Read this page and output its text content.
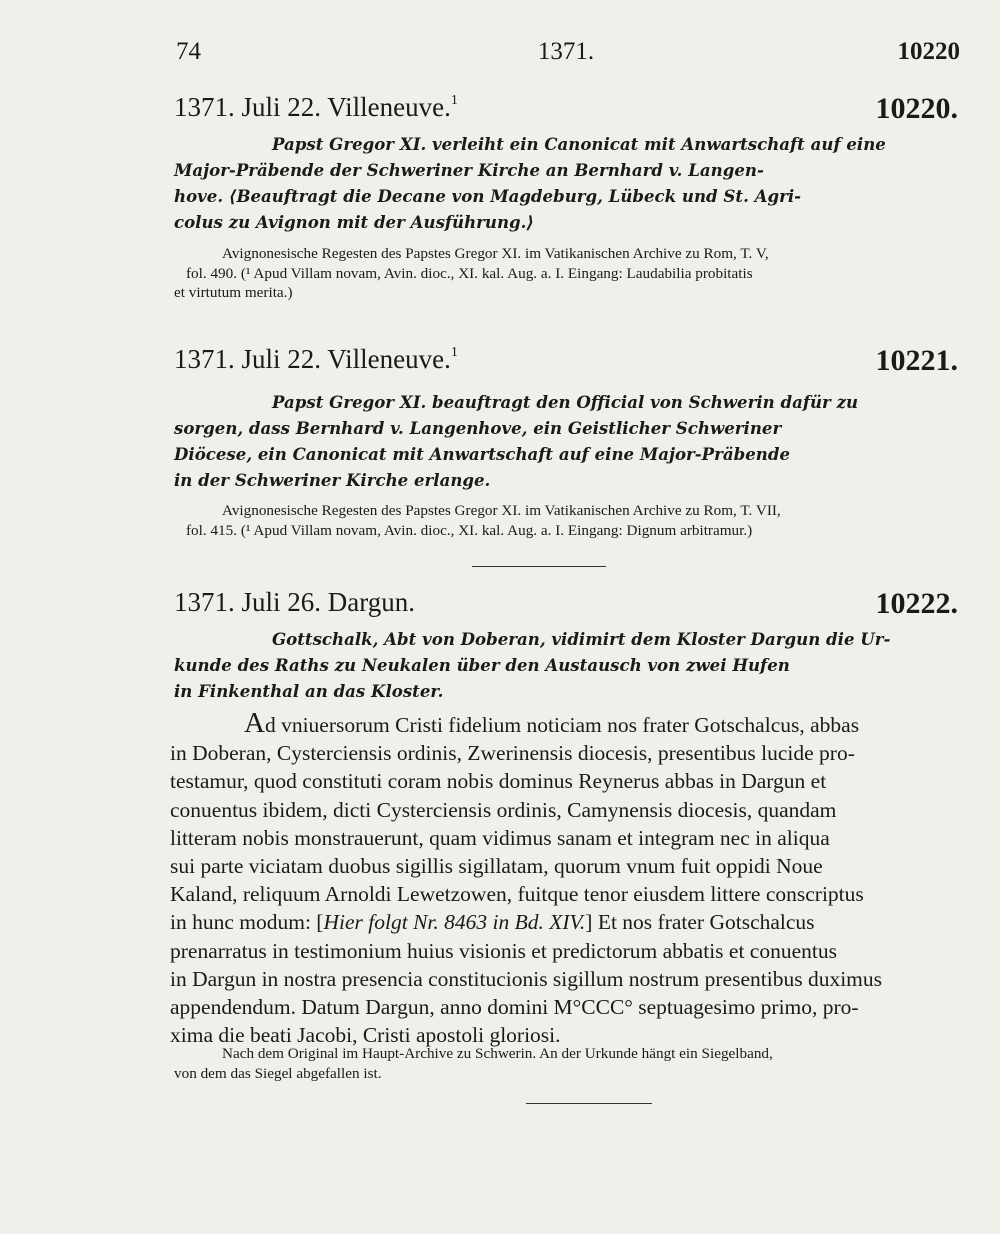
74	1371.	10220
1371. Juli 22. Villeneuve.$^1$	10220.
Papst Gregor XI. verleiht ein Canonicat mit Anwartschaft auf eine
Major-Präbende der Schweriner Kirche an Bernhard v. Langen-
hove. ⟨Beauftragt die Decane von Magdeburg, Lübeck und St. Agri-
colus zu Avignon mit der Ausführung.⟩
Avignonesische Regesten des Papstes Gregor XI. im Vatikanischen Archive zu Rom, T. V,
fol. 490. (¹ Apud Villam novam, Avin. dioc., XI. kal. Aug. a. I. Eingang: Laudabilia probitatis
et virtutum merita.)
1371. Juli 22. Villeneuve.$^1$	10221.
Papst Gregor XI. beauftragt den Official von Schwerin dafür zu
sorgen, dass Bernhard v. Langenhove, ein Geistlicher Schweriner
Diöcese, ein Canonicat mit Anwartschaft auf eine Major-Präbende
in der Schweriner Kirche erlange.
Avignonesische Regesten des Papstes Gregor XI. im Vatikanischen Archive zu Rom, T. VII,
fol. 415. (¹ Apud Villam novam, Avin. dioc., XI. kal. Aug. a. I. Eingang: Dignum arbitramur.)
1371. Juli 26. Dargun.	10222.
Gottschalk, Abt von Doberan, vidimirt dem Kloster Dargun die Ur-
kunde des Raths zu Neukalen über den Austausch von zwei Hufen
in Finkenthal an das Kloster.
Ad vniuersorum Cristi fidelium noticiam nos frater Gotschalcus, abbas
in Doberan, Cysterciensis ordinis, Zwerinensis diocesis, presentibus lucide pro-
testamur, quod constituti coram nobis dominus Reynerus abbas in Dargun et
conuentus ibidem, dicti Cysterciensis ordinis, Camynensis diocesis, quandam
litteram nobis monstrauerunt, quam vidimus sanam et integram nec in aliqua
sui parte viciatam duobus sigillis sigillatam, quorum vnum fuit oppidi Noue
Kaland, reliquum Arnoldi Lewetzowen, fuitque tenor eiusdem littere conscriptus
in hunc modum: [Hier folgt Nr. 8463 in Bd. XIV.] Et nos frater Gotschalcus
prenarratus in testimonium huius visionis et predictorum abbatis et conuentus
in Dargun in nostra presencia constitucionis sigillum nostrum presentibus duximus
appendendum. Datum Dargun, anno domini M°CCC° septuagesimo primo, pro-
xima die beati Jacobi, Cristi apostoli gloriosi.
Nach dem Original im Haupt-Archive zu Schwerin. An der Urkunde hängt ein Siegelband,
von dem das Siegel abgefallen ist.
